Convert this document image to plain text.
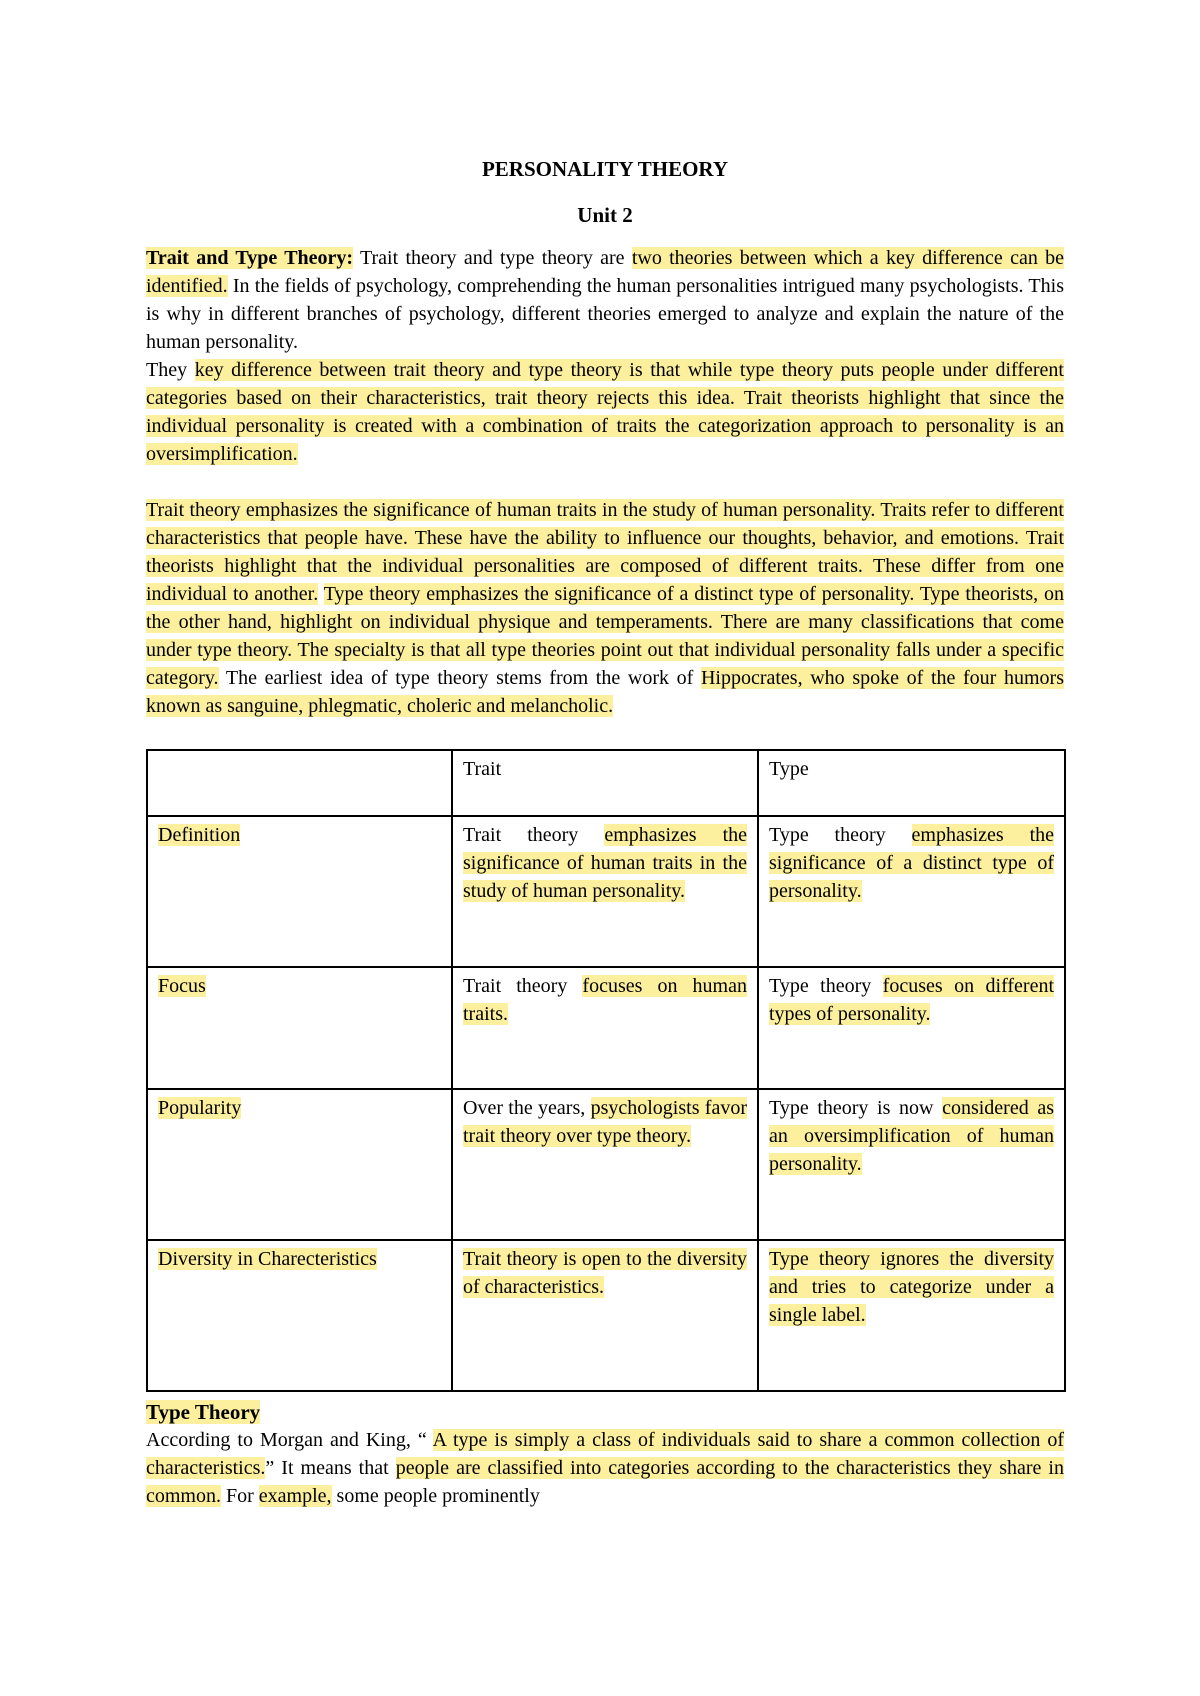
PERSONALITY THEORY
Unit 2

Trait and Type Theory: Trait theory and type theory are two theories between which a key difference can be identified. In the fields of psychology, comprehending the human personalities intrigued many psychologists. This is why in different branches of psychology, different theories emerged to analyze and explain the nature of the human personality.
They key difference between trait theory and type theory is that while type theory puts people under different categories based on their characteristics, trait theory rejects this idea. Trait theorists highlight that since the individual personality is created with a combination of traits the categorization approach to personality is an oversimplification.

Trait theory emphasizes the significance of human traits in the study of human personality. Traits refer to different characteristics that people have. These have the ability to influence our thoughts, behavior, and emotions. Trait theorists highlight that the individual personalities are composed of different traits. These differ from one individual to another. Type theory emphasizes the significance of a distinct type of personality. Type theorists, on the other hand, highlight on individual physique and temperaments. There are many classifications that come under type theory. The specialty is that all type theories point out that individual personality falls under a specific category. The earliest idea of type theory stems from the work of Hippocrates, who spoke of the four humors known as sanguine, phlegmatic, choleric and melancholic.

	Trait	Type
Definition	Trait theory emphasizes the significance of human traits in the study of human personality.	Type theory emphasizes the significance of a distinct type of personality.
Focus	Trait theory focuses on human traits.	Type theory focuses on different types of personality.
Popularity	Over the years, psychologists favor trait theory over type theory.	Type theory is now considered as an oversimplification of human personality.
Diversity in Charecteristics	Trait theory is open to the diversity of characteristics.	Type theory ignores the diversity and tries to categorize under a single label.
Type Theory

According to Morgan and King, “ A type is simply a class of individuals said to share a common collection of characteristics.” It means that people are classified into categories according to the characteristics they share in common. For example, some people prominently
